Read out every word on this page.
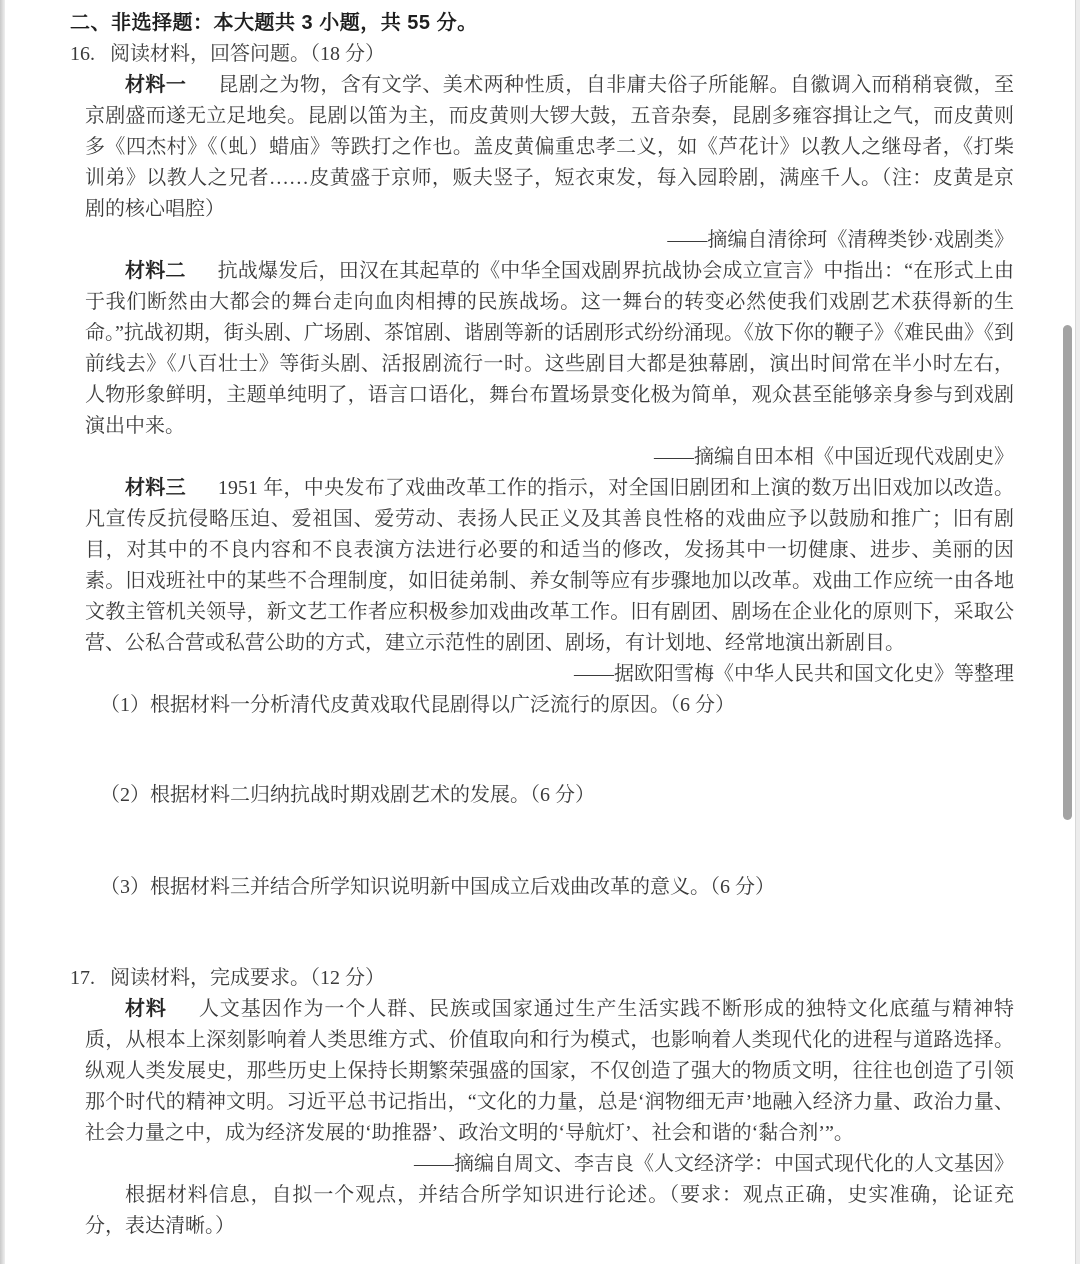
二、非选择题：本大题共 3 小题，共 55 分。

16. 阅读材料，回答问题。（18 分）

材料一 昆剧之为物，含有文学、美术两种性质，自非庸夫俗子所能解。自徽调入而稍稍衰微，至京剧盛而遂无立足地矣。昆剧以笛为主，而皮黄则大锣大鼓，五音杂奏，昆剧多雍容揖让之气，而皮黄则多《四杰村》《（虬）蜡庙》等跌打之作也。盖皮黄偏重忠孝二义，如《芦花计》以教人之继母者，《打柴训弟》以教人之兄者……皮黄盛于京师，贩夫竖子，短衣束发，每入园聆剧，满座千人。（注：皮黄是京剧的核心唱腔）

——摘编自清徐珂《清稗类钞·戏剧类》

材料二 抗战爆发后，田汉在其起草的《中华全国戏剧界抗战协会成立宣言》中指出：“在形式上由于我们断然由大都会的舞台走向血肉相搏的民族战场。这一舞台的转变必然使我们戏剧艺术获得新的生命。”抗战初期，街头剧、广场剧、茶馆剧、谐剧等新的话剧形式纷纷涌现。《放下你的鞭子》《难民曲》《到前线去》《八百壮士》等街头剧、活报剧流行一时。这些剧目大都是独幕剧，演出时间常在半小时左右，人物形象鲜明，主题单纯明了，语言口语化，舞台布置场景变化极为简单，观众甚至能够亲身参与到戏剧演出中来。

——摘编自田本相《中国近现代戏剧史》

材料三 1951 年，中央发布了戏曲改革工作的指示，对全国旧剧团和上演的数万出旧戏加以改造。凡宣传反抗侵略压迫、爱祖国、爱劳动、表扬人民正义及其善良性格的戏曲应予以鼓励和推广；旧有剧目，对其中的不良内容和不良表演方法进行必要的和适当的修改，发扬其中一切健康、进步、美丽的因素。旧戏班社中的某些不合理制度，如旧徒弟制、养女制等应有步骤地加以改革。戏曲工作应统一由各地文教主管机关领导，新文艺工作者应积极参加戏曲改革工作。旧有剧团、剧场在企业化的原则下，采取公营、公私合营或私营公助的方式，建立示范性的剧团、剧场，有计划地、经常地演出新剧目。

——据欧阳雪梅《中华人民共和国文化史》等整理

（1）根据材料一分析清代皮黄戏取代昆剧得以广泛流行的原因。（6 分）

（2）根据材料二归纳抗战时期戏剧艺术的发展。（6 分）

（3）根据材料三并结合所学知识说明新中国成立后戏曲改革的意义。（6 分）

17. 阅读材料，完成要求。（12 分）

材料 人文基因作为一个人群、民族或国家通过生产生活实践不断形成的独特文化底蕴与精神特质，从根本上深刻影响着人类思维方式、价值取向和行为模式，也影响着人类现代化的进程与道路选择。纵观人类发展史，那些历史上保持长期繁荣强盛的国家，不仅创造了强大的物质文明，往往也创造了引领那个时代的精神文明。习近平总书记指出，“文化的力量，总是‘润物细无声’地融入经济力量、政治力量、社会力量之中，成为经济发展的‘助推器’、政治文明的‘导航灯’、社会和谐的‘黏合剂’”。

——摘编自周文、李吉良《人文经济学：中国式现代化的人文基因》

根据材料信息，自拟一个观点，并结合所学知识进行论述。（要求：观点正确，史实准确，论证充分，表达清晰。）
